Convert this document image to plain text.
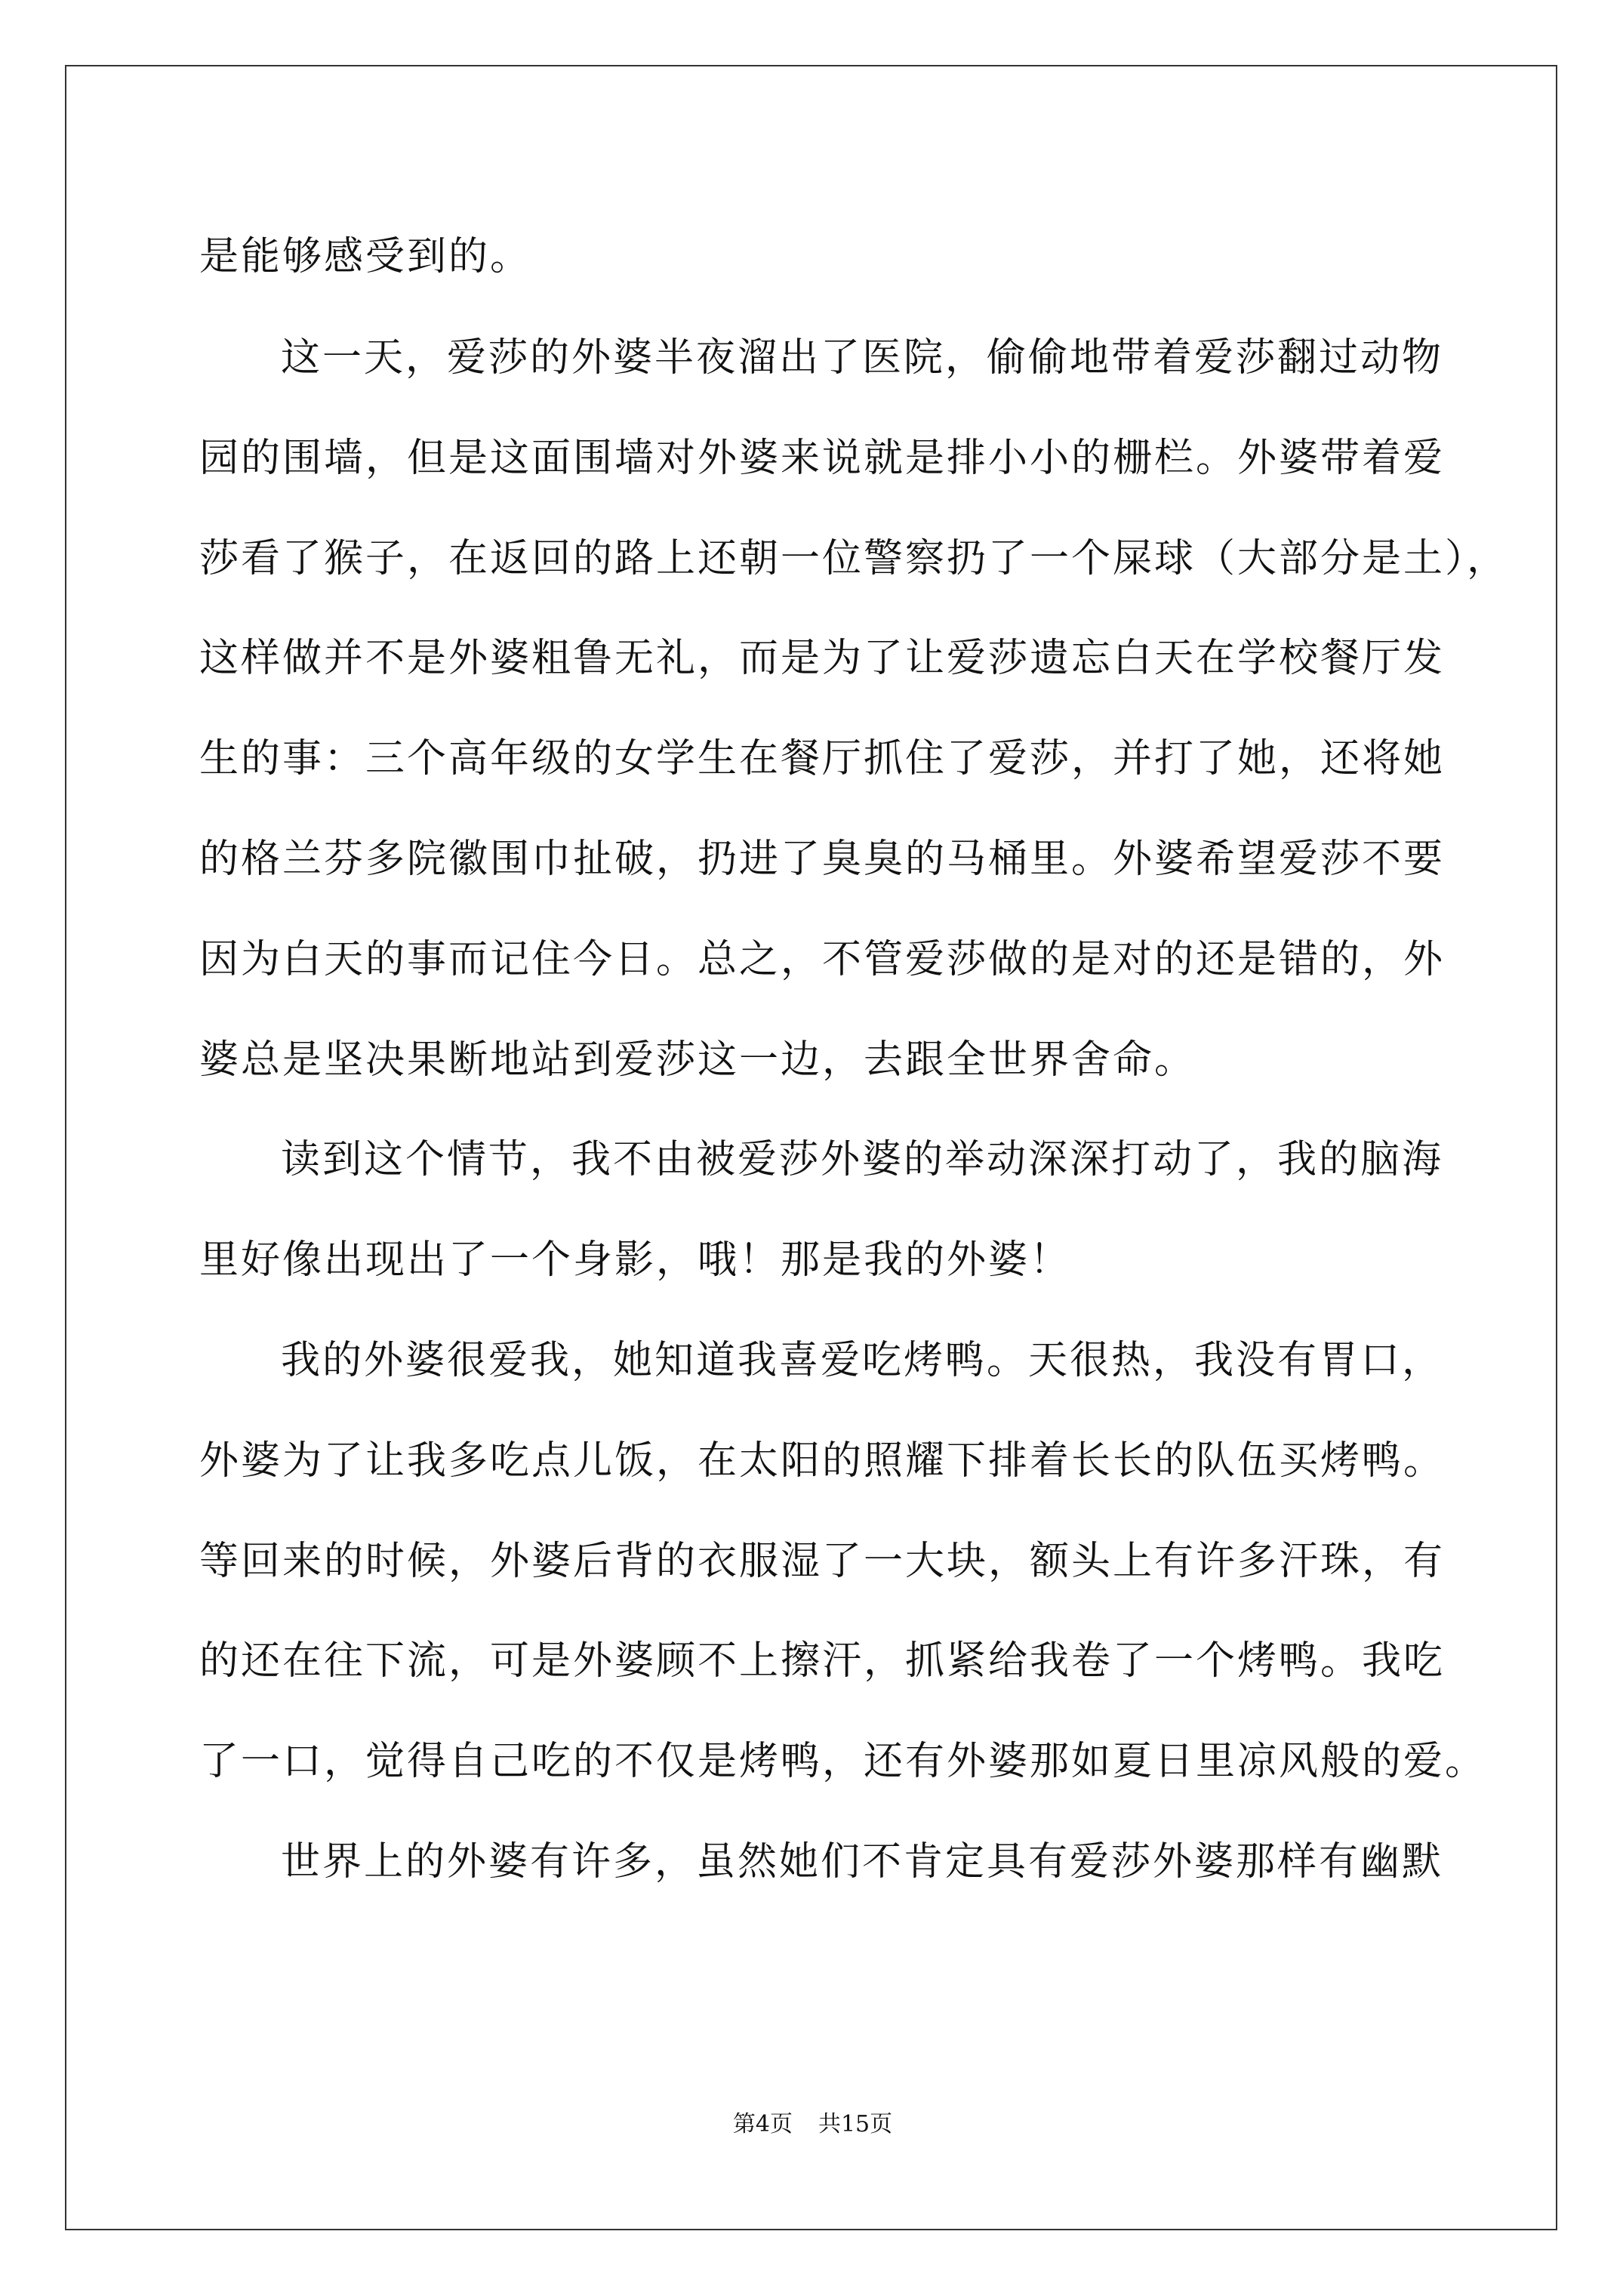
是能够感受到的。
这一天，爱莎的外婆半夜溜出了医院，偷偷地带着爱莎翻过动物
园的围墙，但是这面围墙对外婆来说就是排小小的栅栏。外婆带着爱
莎看了猴子，在返回的路上还朝一位警察扔了一个屎球（大部分是土），
这样做并不是外婆粗鲁无礼，而是为了让爱莎遗忘白天在学校餐厅发
生的事：三个高年级的女学生在餐厅抓住了爱莎，并打了她，还将她
的格兰芬多院徽围巾扯破，扔进了臭臭的马桶里。外婆希望爱莎不要
因为白天的事而记住今日。总之，不管爱莎做的是对的还是错的，外
婆总是坚决果断地站到爱莎这一边，去跟全世界舍命。
读到这个情节，我不由被爱莎外婆的举动深深打动了，我的脑海
里好像出现出了一个身影，哦！那是我的外婆！
我的外婆很爱我，她知道我喜爱吃烤鸭。天很热，我没有胃口，
外婆为了让我多吃点儿饭，在太阳的照耀下排着长长的队伍买烤鸭。
等回来的时候，外婆后背的衣服湿了一大块，额头上有许多汗珠，有
的还在往下流，可是外婆顾不上擦汗，抓紧给我卷了一个烤鸭。我吃
了一口，觉得自己吃的不仅是烤鸭，还有外婆那如夏日里凉风般的爱。
世界上的外婆有许多，虽然她们不肯定具有爱莎外婆那样有幽默
第4页 共15页
